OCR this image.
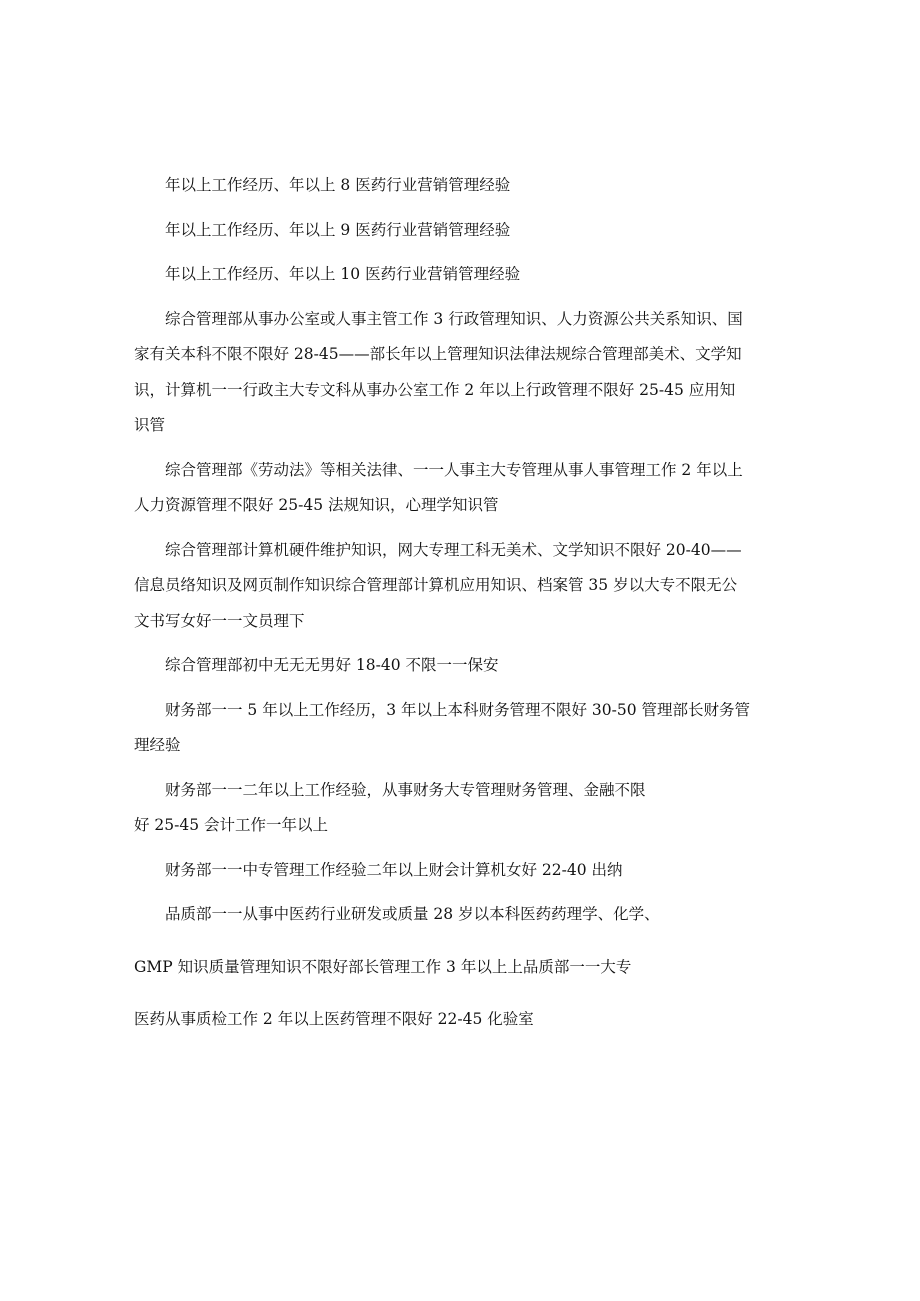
年以上工作经历、年以上 8 医药行业营销管理经验
年以上工作经历、年以上 9 医药行业营销管理经验
年以上工作经历、年以上 10 医药行业营销管理经验
综合管理部从事办公室或人事主管工作 3 行政管理知识、人力资源公共关系知识、国
家有关本科不限不限好 28-45——部长年以上管理知识法律法规综合管理部美术、文学知
识，计算机一一行政主大专文科从事办公室工作 2 年以上行政管理不限好 25-45 应用知
识管
综合管理部《劳动法》等相关法律、一一人事主大专管理从事人事管理工作 2 年以上
人力资源管理不限好 25-45 法规知识，心理学知识管
综合管理部计算机硬件维护知识，网大专理工科无美术、文学知识不限好 20-40——
信息员络知识及网页制作知识综合管理部计算机应用知识、档案管 35 岁以大专不限无公
文书写女好一一文员理下
综合管理部初中无无无男好 18-40 不限一一保安
财务部一一 5 年以上工作经历，3 年以上本科财务管理不限好 30-50 管理部长财务管
理经验
财务部一一二年以上工作经验，从事财务大专管理财务管理、金融不限
好 25-45 会计工作一年以上
财务部一一中专管理工作经验二年以上财会计算机女好 22-40 出纳
品质部一一从事中医药行业研发或质量 28 岁以本科医药药理学、化学、
GMP 知识质量管理知识不限好部长管理工作 3 年以上上品质部一一大专
医药从事质检工作 2 年以上医药管理不限好 22-45 化验室
